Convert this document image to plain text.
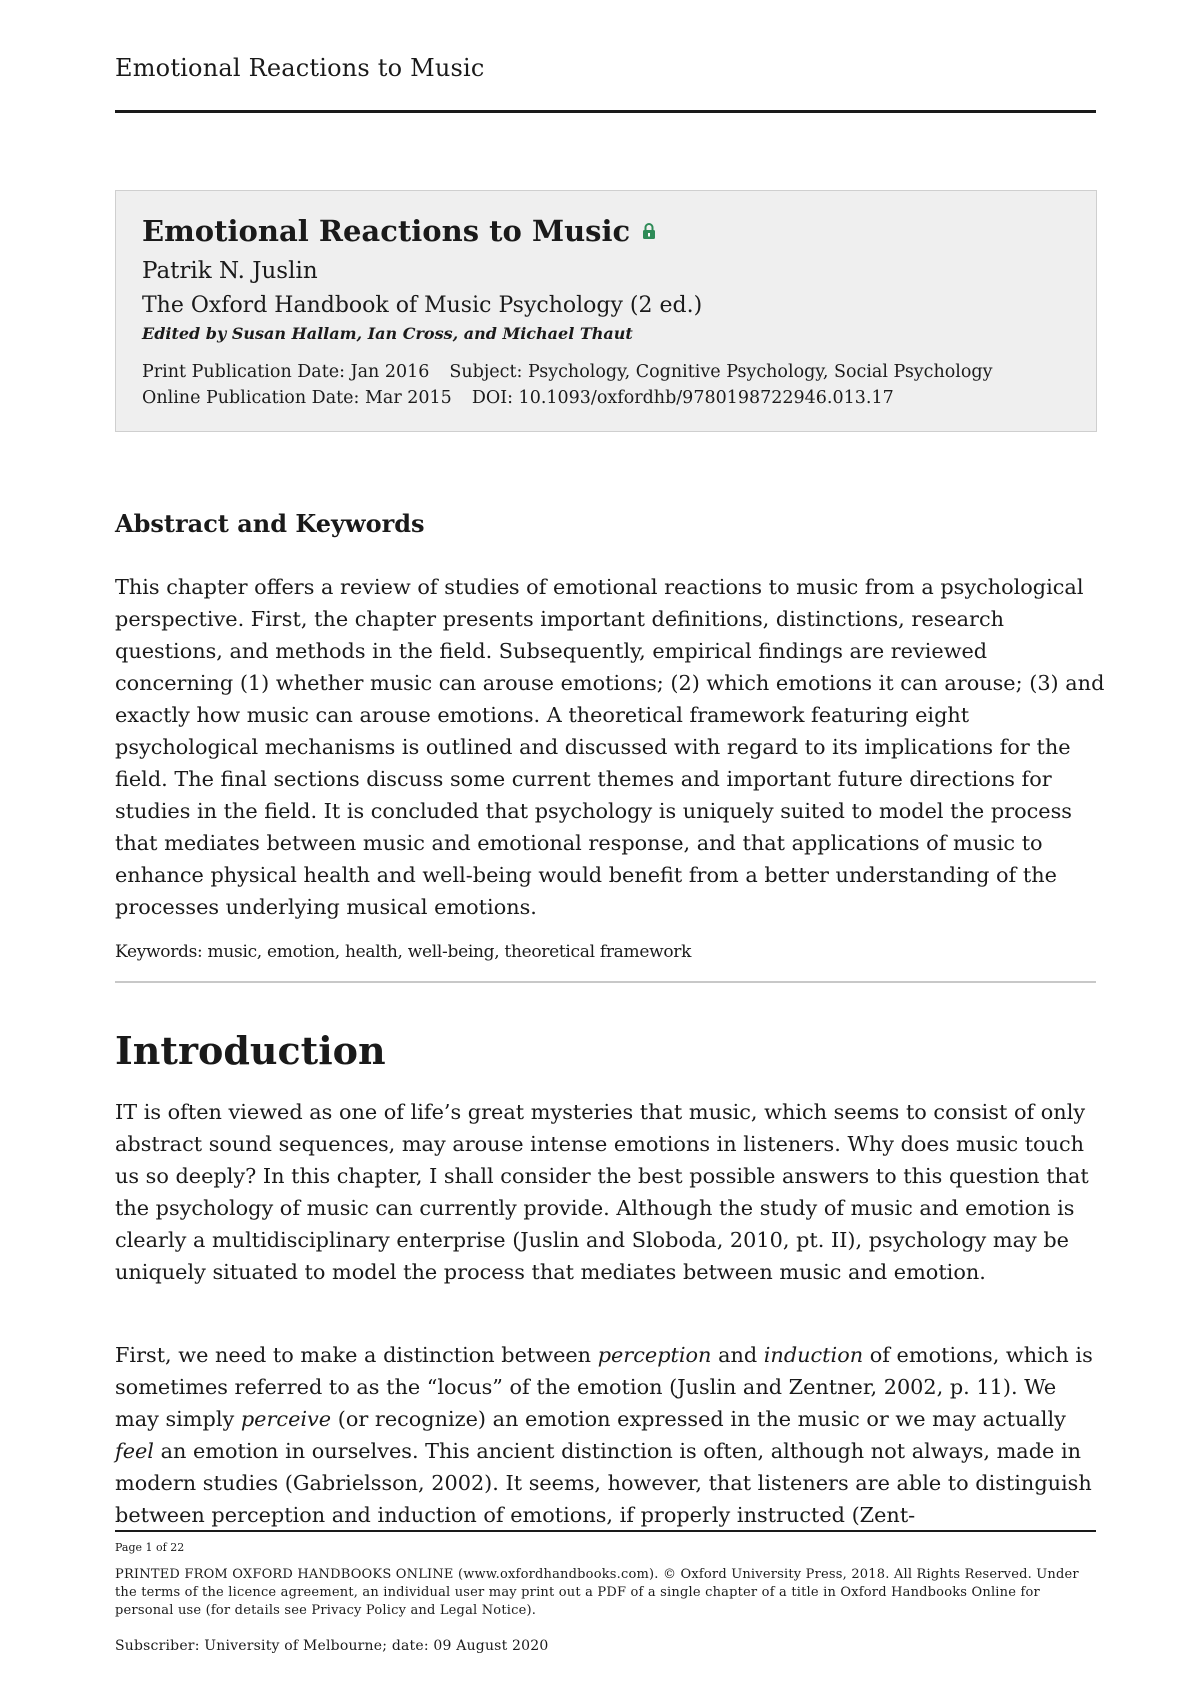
Emotional Reactions to Music
Emotional Reactions to Music
Patrik N. Juslin
The Oxford Handbook of Music Psychology (2 ed.)
Edited by Susan Hallam, Ian Cross, and Michael Thaut
Print Publication Date: Jan 2016 Subject: Psychology, Cognitive Psychology, Social Psychology
Online Publication Date: Mar 2015 DOI: 10.1093/oxfordhb/9780198722946.013.17
Abstract and Keywords

This chapter offers a review of studies of emotional reactions to music from a psychological perspective. First, the chapter presents important definitions, distinctions, research questions, and methods in the field. Subsequently, empirical findings are reviewed concerning (1) whether music can arouse emotions; (2) which emotions it can arouse; (3) and exactly how music can arouse emotions. A theoretical framework featuring eight psychological mechanisms is outlined and discussed with regard to its implications for the field. The final sections discuss some current themes and important future directions for studies in the field. It is concluded that psychology is uniquely suited to model the process that mediates between music and emotional response, and that applications of music to enhance physical health and well-being would benefit from a better understanding of the processes underlying musical emotions.

Keywords: music, emotion, health, well-being, theoretical framework
Introduction

IT is often viewed as one of life’s great mysteries that music, which seems to consist of only abstract sound sequences, may arouse intense emotions in listeners. Why does music touch us so deeply? In this chapter, I shall consider the best possible answers to this question that the psychology of music can currently provide. Although the study of music and emotion is clearly a multidisciplinary enterprise (Juslin and Sloboda, 2010, pt. II), psychology may be uniquely situated to model the process that mediates between music and emotion.

First, we need to make a distinction between perception and induction of emotions, which is sometimes referred to as the “locus” of the emotion (Juslin and Zentner, 2002, p. 11). We may simply perceive (or recognize) an emotion expressed in the music or we may actually feel an emotion in ourselves. This ancient distinction is often, although not always, made in modern studies (Gabrielsson, 2002). It seems, however, that listeners are able to distinguish between perception and induction of emotions, if properly instructed (Zent-

Page 1 of 22
PRINTED FROM OXFORD HANDBOOKS ONLINE (www.oxfordhandbooks.com). © Oxford University Press, 2018. All Rights Reserved. Under the terms of the licence agreement, an individual user may print out a PDF of a single chapter of a title in Oxford Handbooks Online for personal use (for details see Privacy Policy and Legal Notice).
Subscriber: University of Melbourne; date: 09 August 2020
